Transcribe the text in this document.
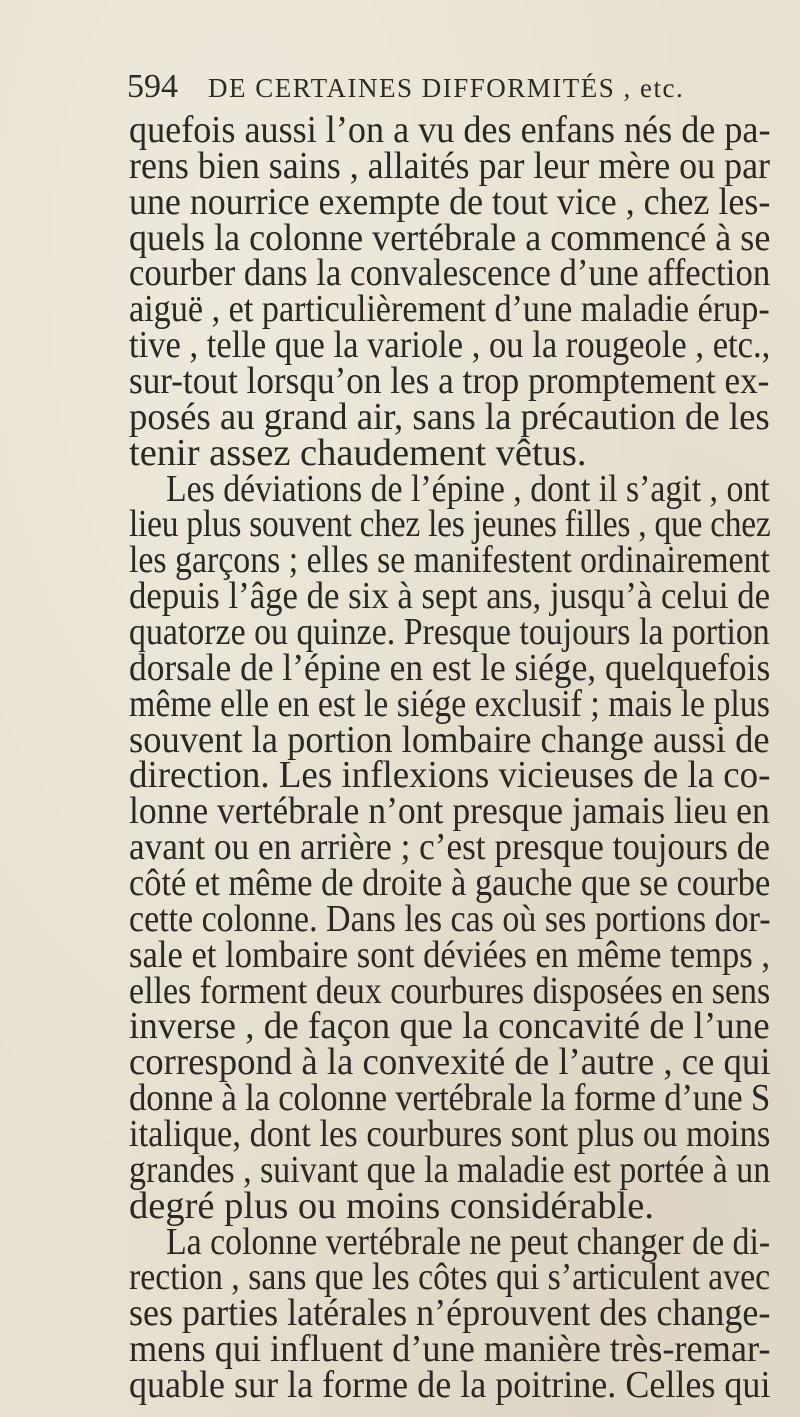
594 DE CERTAINES DIFFORMITÉS , etc.
quefois aussi l’on a vu des enfans nés de pa-
rens bien sains , allaités par leur mère ou par
une nourrice exempte de tout vice , chez les-
quels la colonne vertébrale a commencé à se
courber dans la convalescence d’une affection
aiguë , et particulièrement d’une maladie érup-
tive , telle que la variole , ou la rougeole , etc.,
sur-tout lorsqu’on les a trop promptement ex-
posés au grand air, sans la précaution de les
tenir assez chaudement vêtus.
Les déviations de l’épine , dont il s’agit , ont
lieu plus souvent chez les jeunes filles , que chez
les garçons ; elles se manifestent ordinairement
depuis l’âge de six à sept ans, jusqu’à celui de
quatorze ou quinze. Presque toujours la portion
dorsale de l’épine en est le siége, quelquefois
même elle en est le siége exclusif ; mais le plus
souvent la portion lombaire change aussi de
direction. Les inflexions vicieuses de la co-
lonne vertébrale n’ont presque jamais lieu en
avant ou en arrière ; c’est presque toujours de
côté et même de droite à gauche que se courbe
cette colonne. Dans les cas où ses portions dor-
sale et lombaire sont déviées en même temps ,
elles forment deux courbures disposées en sens
inverse , de façon que la concavité de l’une
correspond à la convexité de l’autre , ce qui
donne à la colonne vertébrale la forme d’une S
italique, dont les courbures sont plus ou moins
grandes , suivant que la maladie est portée à un
degré plus ou moins considérable.
La colonne vertébrale ne peut changer de di-
rection , sans que les côtes qui s’articulent avec
ses parties latérales n’éprouvent des change-
mens qui influent d’une manière très-remar-
quable sur la forme de la poitrine. Celles qui
